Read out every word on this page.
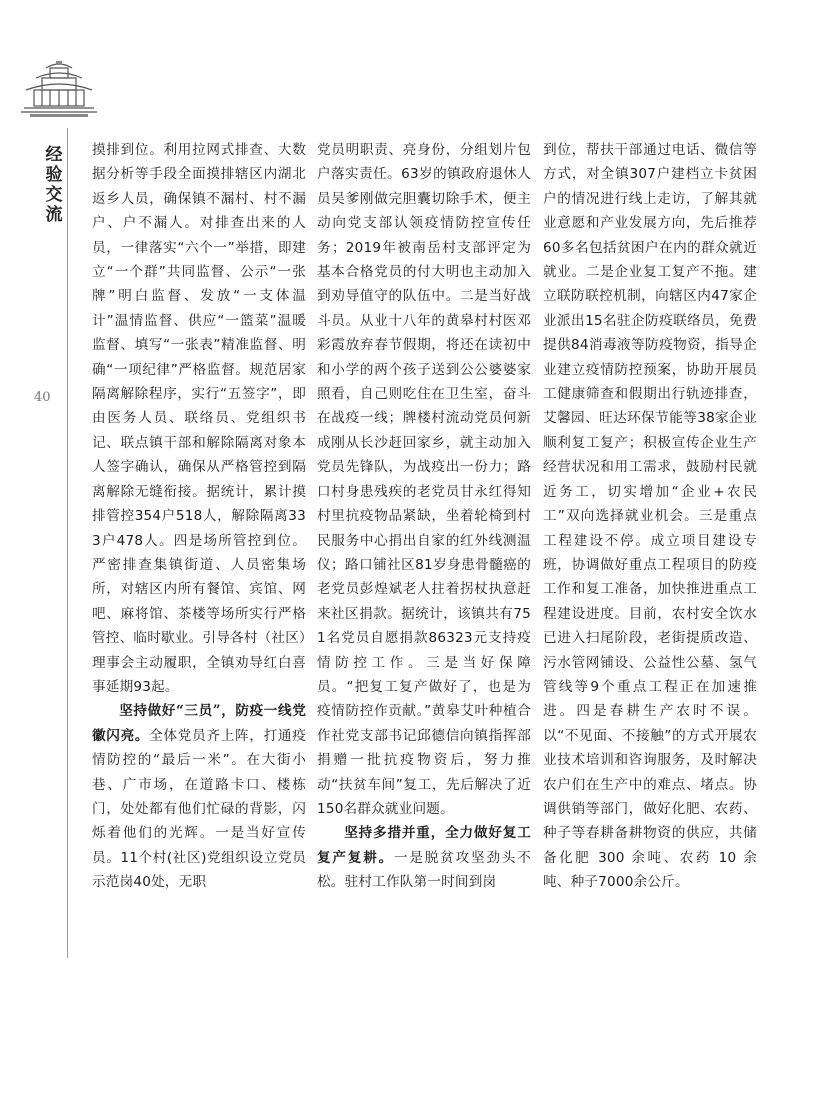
经
验
交
流
40

摸排到位。利用拉网式排查、大数据分析等手段全面摸排辖区内湖北返乡人员，确保镇不漏村、村不漏户、户不漏人。对排查出来的人员，一律落实“六个一”举措，即建立“一个群”共同监督、公示“一张牌”明白监督、发放“一支体温计”温情监督、供应“一篮菜”温暖监督、填写“一张表”精准监督、明确“一项纪律”严格监督。规范居家隔离解除程序，实行“五签字”，即由医务人员、联络员、党组织书记、联点镇干部和解除隔离对象本人签字确认，确保从严格管控到隔离解除无缝衔接。据统计，累计摸排管控354户518人，解除隔离333户478人。四是场所管控到位。严密排查集镇街道、人员密集场所，对辖区内所有餐馆、宾馆、网吧、麻将馆、茶楼等场所实行严格管控、临时歇业。引导各村（社区）理事会主动履职，全镇劝导红白喜事延期93起。

坚持做好“三员”，防疫一线党徽闪亮。全体党员齐上阵，打通疫情防控的“最后一米”。在大街小巷、广市场，在道路卡口、楼栋门，处处都有他们忙碌的背影，闪烁着他们的光辉。一是当好宣传员。11个村(社区)党组织设立党员示范岗40处，无职

党员明职责、亮身份，分组划片包户落实责任。63岁的镇政府退休人员吴爹刚做完胆囊切除手术，便主动向党支部认领疫情防控宣传任务；2019年被南岳村支部评定为基本合格党员的付大明也主动加入到劝导值守的队伍中。二是当好战斗员。从业十八年的黄皋村村医邓彩霞放弃春节假期，将还在读初中和小学的两个孩子送到公公婆婆家照看，自己则吃住在卫生室，奋斗在战疫一线；牌楼村流动党员何新成刚从长沙赶回家乡，就主动加入党员先锋队，为战疫出一份力；路口村身患残疾的老党员甘永红得知村里抗疫物品紧缺，坐着轮椅到村民服务中心捐出自家的红外线测温仪；路口铺社区81岁身患骨髓癌的老党员彭煌斌老人拄着拐杖执意赶来社区捐款。据统计，该镇共有751名党员自愿捐款86323元支持疫情防控工作。三是当好保障员。“把复工复产做好了，也是为疫情防控作贡献。”黄皋艾叶种植合作社党支部书记邱德信向镇指挥部捐赠一批抗疫物资后，努力推动“扶贫车间”复工，先后解决了近150名群众就业问题。

坚持多措并重，全力做好复工复产复耕。一是脱贫攻坚劲头不松。驻村工作队第一时间到岗

到位，帮扶干部通过电话、微信等方式，对全镇307户建档立卡贫困户的情况进行线上走访，了解其就业意愿和产业发展方向，先后推荐60多名包括贫困户在内的群众就近就业。二是企业复工复产不拖。建立联防联控机制，向辖区内47家企业派出15名驻企防疫联络员，免费提供84消毒液等防疫物资，指导企业建立疫情防控预案，协助开展员工健康筛查和假期出行轨迹排查，艾馨园、旺达环保节能等38家企业顺利复工复产；积极宣传企业生产经营状况和用工需求，鼓励村民就近务工，切实增加“企业+农民工”双向选择就业机会。三是重点工程建设不停。成立项目建设专班，协调做好重点工程项目的防疫工作和复工准备，加快推进重点工程建设进度。目前，农村安全饮水已进入扫尾阶段，老街提质改造、污水管网铺设、公益性公墓、氢气管线等9个重点工程正在加速推进。四是春耕生产农时不误。以“不见面、不接触”的方式开展农业技术培训和咨询服务，及时解决农户们在生产中的难点、堵点。协调供销等部门，做好化肥、农药、种子等春耕备耕物资的供应，共储备化肥 300 余吨、农药 10 余吨、种子7000余公斤。
